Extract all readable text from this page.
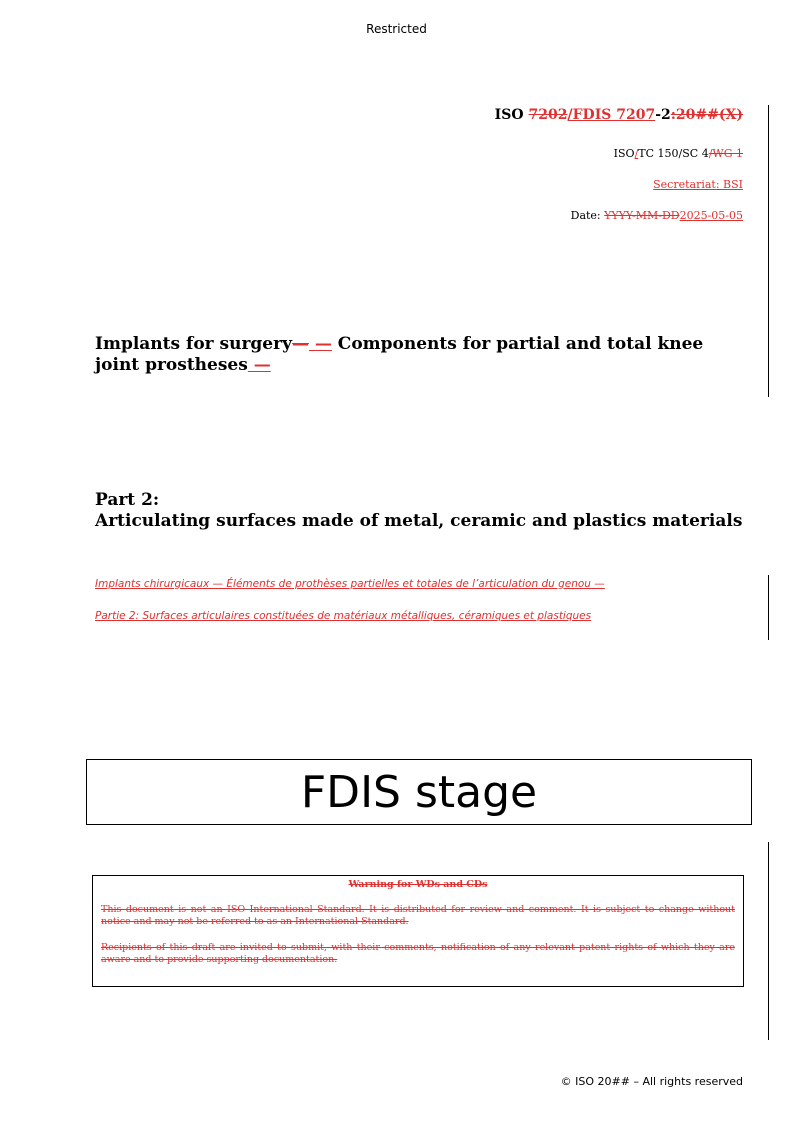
Restricted
ISO 7202/FDIS 7207-2:20##(X)
ISO/TC 150/SC 4/WG 1
Secretariat: BSI
Date: YYYY-MM-DD2025-05-05
Implants for surgery— — Components for partial and total knee joint prostheses —
Part 2:
Articulating surfaces made of metal, ceramic and plastics materials
Implants chirurgicaux — Éléments de prothèses partielles et totales de l’articulation du genou —
Partie 2: Surfaces articulaires constituées de matériaux métalliques, céramiques et plastiques
FDIS stage
Warning for WDs and CDs
This document is not an ISO International Standard. It is distributed for review and comment. It is subject to change without notice and may not be referred to as an International Standard.
Recipients of this draft are invited to submit, with their comments, notification of any relevant patent rights of which they are aware and to provide supporting documentation.
© ISO 20## – All rights reserved
